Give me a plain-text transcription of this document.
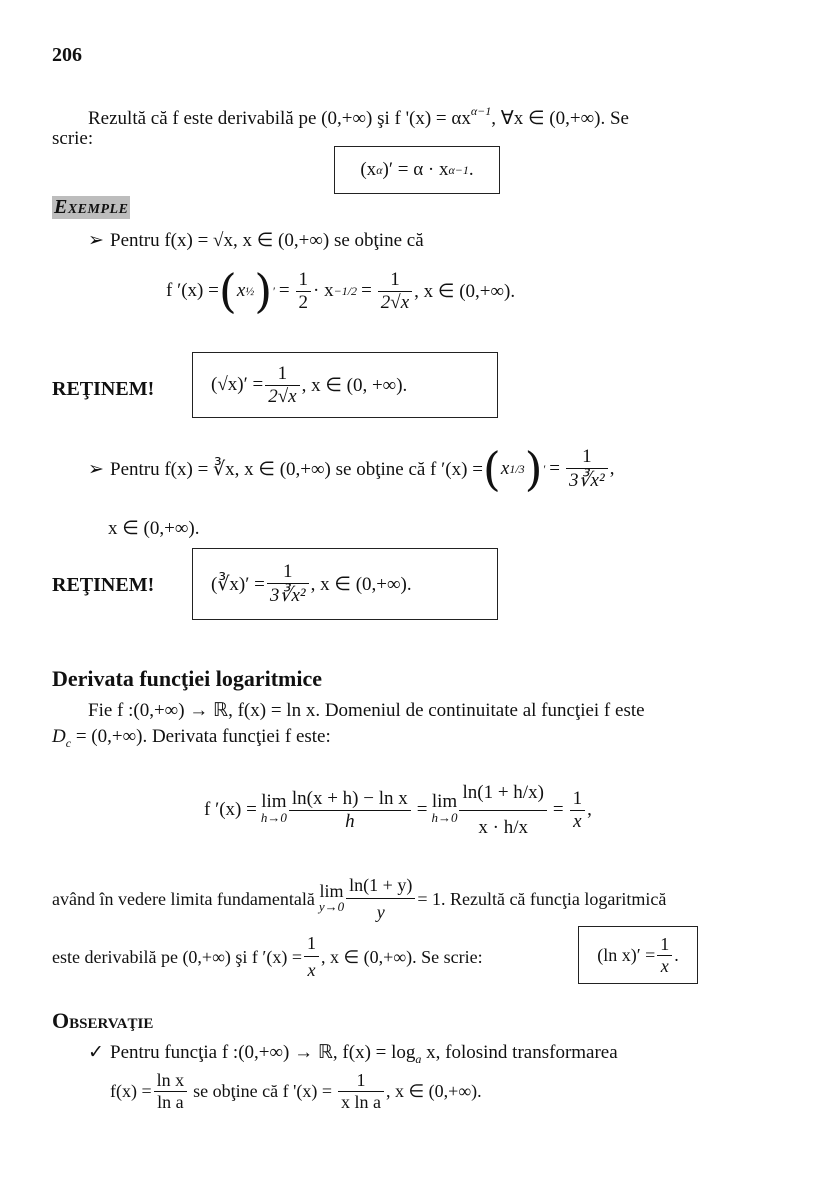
206
Rezultă că f este derivabilă pe (0,+∞) şi f '$(x) = \alpha x^{\alpha-1}$, ∀x ∈ (0,+∞). Se
scrie:
(x α )′ = α · x α−1 .
Exemple
➢ Pentru f(x) = √x, x ∈ (0,+∞) se obţine că
f ′(x) = ( x ½ ) ′ = $\frac{1}{2} \cdot x -1/2 = \frac{1}{2√x}$ , x ∈ (0,+∞).
REŢINEM!	$(√x)' = \frac{1}{2√x}$ , x ∈ (0, +∞).
➢ Pentru f(x) = ∛x, x ∈ (0,+∞) se obţine că f ′(x) = ( x 1/3 ) ′ = $\frac{1}{\text{3∛x²}}$ ,
x ∈ (0,+∞).
REŢINEM!	(∛x)′ = $\frac{1}{\text{3∛x²}}$ , x ∈ (0,+∞).
Derivata funcţiei logaritmice
Fie f :(0,+∞) → ℝ, f(x) = ln x. Domeniul de continuitate al funcţiei f este
$D_c = (0,+\infty)$. Derivata funcţiei f este:
f ′(x) = lim
$h\to 0 \frac{\text{ln(x + h) − ln x}}{h} = \lim$
$h\to 0 \frac{\ln(1 + h/x)}{x \cdot h/x} = \frac{1}{x}$ ,
având în vedere limita fundamentală lim
$y\to 0 \frac{\ln(1 + y)}{y} = 1$. Rezultă că funcţia logaritmică
este derivabilă pe (0,+∞) şi f $'(x) = \frac{1}{x}$ , x ∈ (0,+∞). Se scrie:	(ln $x)' = \frac{1}{x}$ .
Observaţie
✓ Pentru funcţia f :(0,+∞) → ℝ, $f(x) = \log_a x$, folosind transformarea
$f(x) = \frac{\text{ln x}}{\text{ln a}}$ se obţine că f '$(x) = \frac{1}{\text{x ln a}}$ , x ∈ (0,+∞).
